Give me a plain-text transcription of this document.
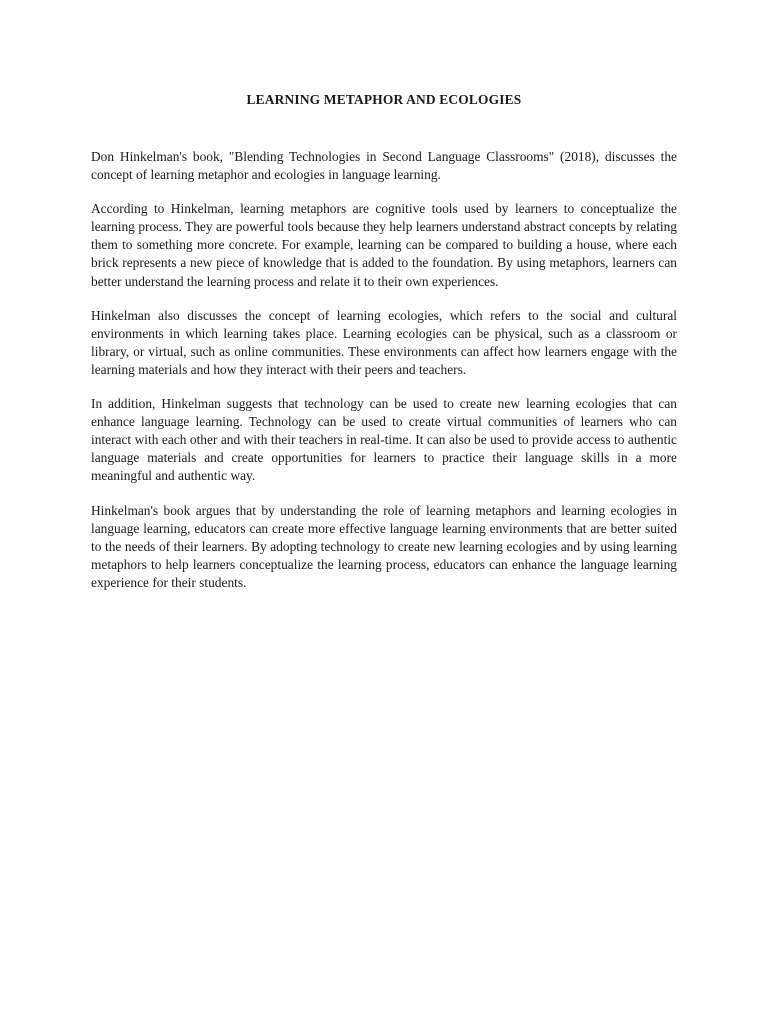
LEARNING METAPHOR AND ECOLOGIES

Don Hinkelman's book, "Blending Technologies in Second Language Classrooms" (2018), discusses the concept of learning metaphor and ecologies in language learning.

According to Hinkelman, learning metaphors are cognitive tools used by learners to conceptualize the learning process. They are powerful tools because they help learners understand abstract concepts by relating them to something more concrete. For example, learning can be compared to building a house, where each brick represents a new piece of knowledge that is added to the foundation. By using metaphors, learners can better understand the learning process and relate it to their own experiences.

Hinkelman also discusses the concept of learning ecologies, which refers to the social and cultural environments in which learning takes place. Learning ecologies can be physical, such as a classroom or library, or virtual, such as online communities. These environments can affect how learners engage with the learning materials and how they interact with their peers and teachers.

In addition, Hinkelman suggests that technology can be used to create new learning ecologies that can enhance language learning. Technology can be used to create virtual communities of learners who can interact with each other and with their teachers in real-time. It can also be used to provide access to authentic language materials and create opportunities for learners to practice their language skills in a more meaningful and authentic way.

Hinkelman's book argues that by understanding the role of learning metaphors and learning ecologies in language learning, educators can create more effective language learning environments that are better suited to the needs of their learners. By adopting technology to create new learning ecologies and by using learning metaphors to help learners conceptualize the learning process, educators can enhance the language learning experience for their students.
